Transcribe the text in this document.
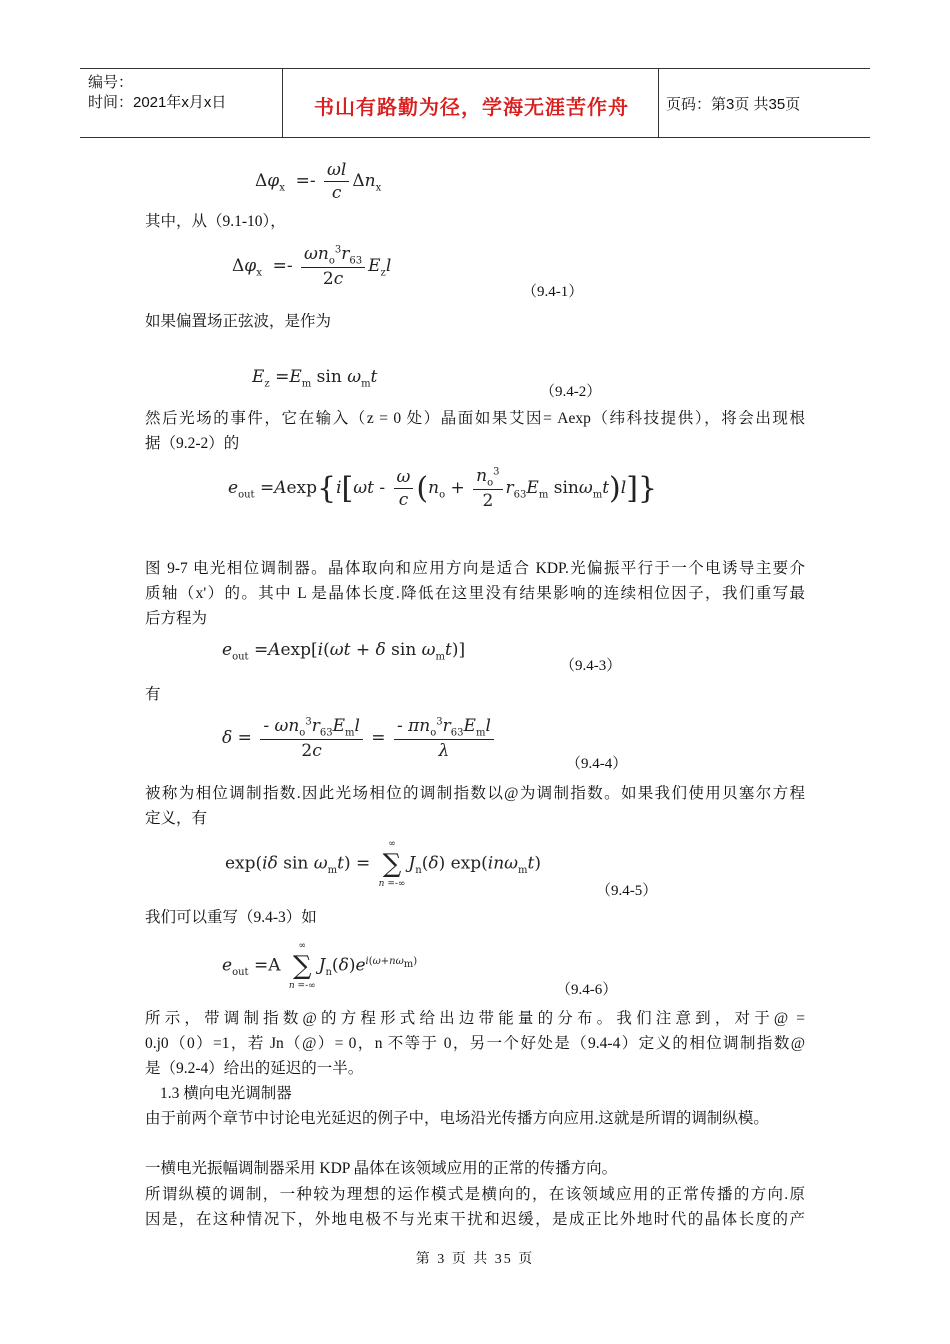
编号：
时间：2021年x月x日	书山有路勤为径，学海无涯苦作舟	页码：第3页 共35页
$\Delta\varphi_x =- \frac{\omega l}{c} \Delta n_x$
其中，从（9.1-10），
$\Delta\varphi_x =- \frac{\omega n_o^3r_{63}}{2c} E_zl$
（9.4-1）
如果偏置场正弦波，是作为
$E_z =E_m$ $\sin \omega_mt$
（9.4-2）
然后光场的事件，它在输入（z = 0 处）晶面如果艾因= Aexp（纬科技提供），将会出现根
据（9.2-2）的
$e_{out} =Aexp\{i[\omega t - \frac{\omega}{c} (n_o + \frac{n_o^3}{2} r_{63}E_m$ sinω$_m$t)l]}
图 9-7 电光相位调制器。晶体取向和应用方向是适合 KDP.光偏振平行于一个电诱导主要介
质轴（x'）的。其中 L 是晶体长度.降低在这里没有结果影响的连续相位因子，我们重写最
后方程为
$e_{out} =Aexp[i(\omega t + \delta$ $\sin \omega_mt$)]
（9.4-3）
有
$\delta = \frac{- \omega n_o^3r_{63}E_ml}{2c} = \frac{- \pi n_o^3r_{63}E_ml}{\lambda}$
（9.4-4）
被称为相位调制指数.因此光场相位的调制指数以@为调制指数。如果我们使用贝塞尔方程
定义，有
exp(iδ $\sin \omega_mt$) =
∞
∑
n =-∞
$J_n(\delta)$ exp(inω$_m$t)
（9.4-5）
我们可以重写（9.4-3）如
$e_{out} =A$
∞
∑
n =-∞
$J_n(\delta)e^{i(\omega+n\omega_m)}$
（9.4-6）
所示，带调制指数@的方程形式给出边带能量的分布。我们注意到，对于@ =
0.j0（0）=1，若 Jn（@）= 0，n 不等于 0，另一个好处是（9.4-4）定义的相位调制指数@
是（9.2-4）给出的延迟的一半。
1.3 横向电光调制器
由于前两个章节中讨论电光延迟的例子中，电场沿光传播方向应用.这就是所谓的调制纵模。
一横电光振幅调制器采用 KDP 晶体在该领域应用的正常的传播方向。
所谓纵模的调制，一种较为理想的运作模式是横向的，在该领域应用的正常传播的方向.原
因是，在这种情况下，外地电极不与光束干扰和迟缓，是成正比外地时代的晶体长度的产
第 3 页 共 35 页
